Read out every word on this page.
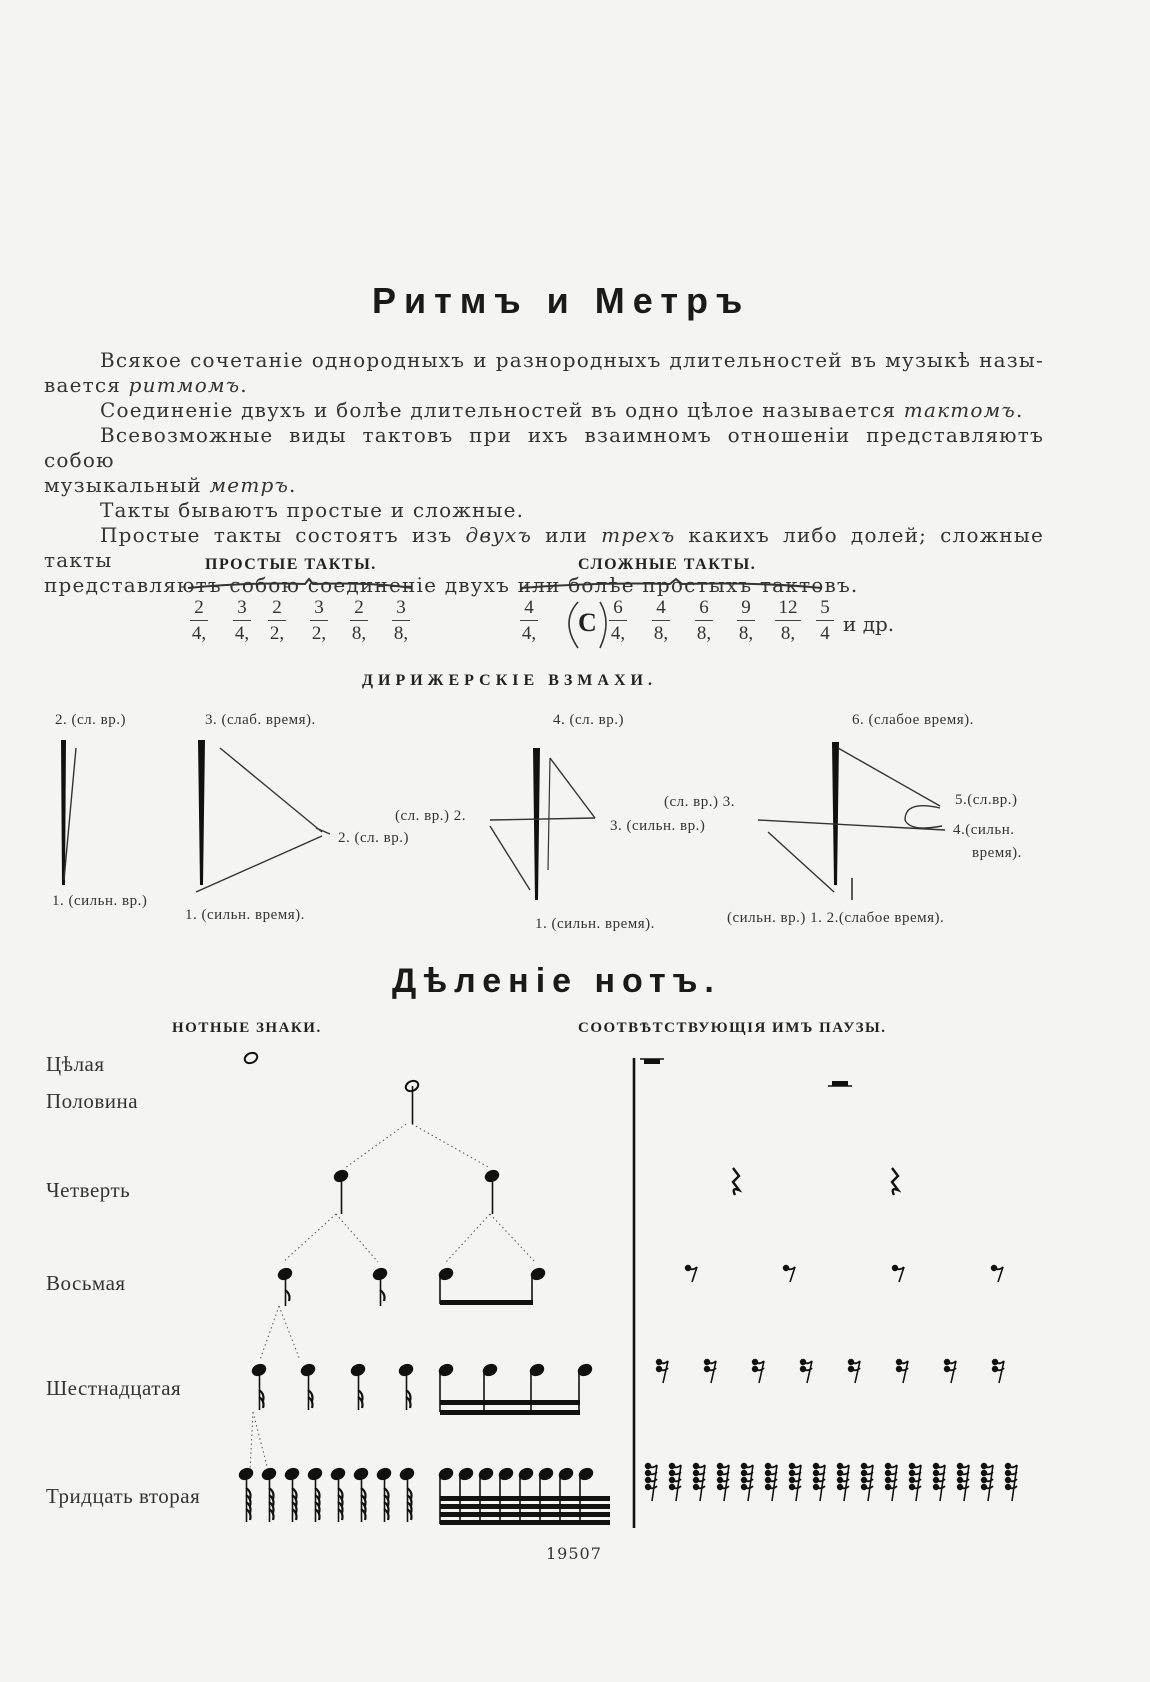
Ритмъ и Метръ

Всякое сочетаніе однородныхъ и разнородныхъ длительностей въ музыкѣ назы-

вается ритмомъ.

Соединеніе двухъ и болѣе длительностей въ одно цѣлое называется тактомъ.

Всевозможные виды тактовъ при ихъ взаимномъ отношеніи представляютъ собою

музыкальный метръ.

Такты бываютъ простые и сложные.

Простые такты состоятъ изъ двухъ или трехъ какихъ либо долей; сложные такты

представляютъ собою соединеніе двухъ или болѣе простыхъ тактовъ.

ПРОСТЫЕ ТАКТЫ.	СЛОЖНЫЕ ТАКТЫ.
$\frac{2}{4,} \frac{3}{4,} \frac{2}{2,} \frac{3}{2,} \frac{2}{8,} \frac{3}{8,}$	$\frac{4}{4,}$ C $\frac{6}{4,} \frac{4}{8,} \frac{6}{8,} \frac{9}{8,} \frac{12}{8,} \frac{5}{4}$ и др.
ДИРИЖЕРСКІЕ ВЗМАХИ.
2. (сл. вр.)
1. (сильн. вр.)
3. (слаб. время).
2. (сл. вр.)
1. (сильн. время).
4. (сл. вр.)
(сл. вр.) 2.
(сл. вр.) 3.
3. (сильн. вр.)
1. (сильн. время).
6. (слабое время).
5.(сл.вр.)
4.(сильн.
время).
(сильн. вр.) 1. 2.(слабое время).
Дѣленіе нотъ.
НОТНЫЕ ЗНАКИ.	СООТВѢТСТВУЮЩІЯ ИМЪ ПАУЗЫ.
Цѣлая
Половина
Четверть
Восьмая
Шестнадцатая
Тридцать вторая
19507
